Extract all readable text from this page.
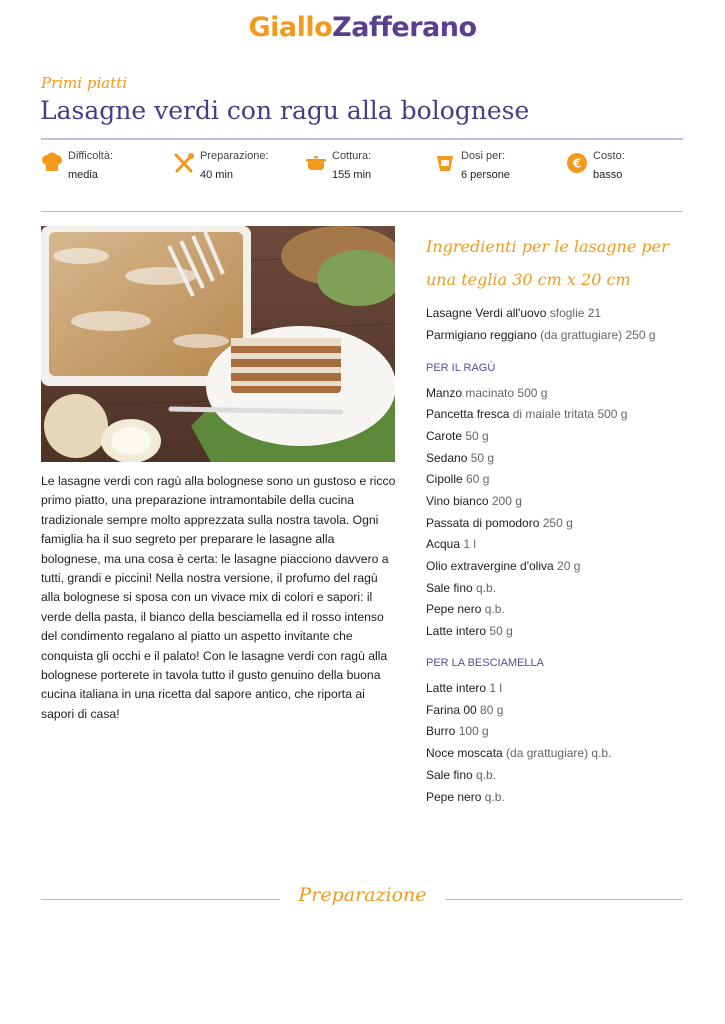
GialloZafferano
Primi piatti
Lasagne verdi con ragu alla bolognese
Difficoltà:
media
Preparazione:
40 min
Cottura:
155 min
Dosi per:
6 persone
€
Costo:
basso

Le lasagne verdi con ragù alla bolognese sono un gustoso e ricco primo piatto, una preparazione intramontabile della cucina tradizionale sempre molto apprezzata sulla nostra tavola. Ogni famiglia ha il suo segreto per preparare le lasagne alla bolognese, ma una cosa è certa: le lasagne piacciono davvero a tutti, grandi e piccini! Nella nostra versione, il profumo del ragù alla bolognese si sposa con un vivace mix di colori e sapori: il verde della pasta, il bianco della besciamella ed il rosso intenso del condimento regalano al piatto un aspetto invitante che conquista gli occhi e il palato! Con le lasagne verdi con ragù alla bolognese porterete in tavola tutto il gusto genuino della buona cucina italiana in una ricetta dal sapore antico, che riporta ai sapori di casa!

Ingredienti per le lasagne per una teglia 30 cm x 20 cm
Lasagne Verdi all'uovo sfoglie 21
Parmigiano reggiano (da grattugiare) 250 g
PER IL RAGÙ
Manzo macinato 500 g
Pancetta fresca di maiale tritata 500 g
Carote 50 g
Sedano 50 g
Cipolle 60 g
Vino bianco 200 g
Passata di pomodoro 250 g
Acqua 1 l
Olio extravergine d'oliva 20 g
Sale fino q.b.
Pepe nero q.b.
Latte intero 50 g
PER LA BESCIAMELLA
Latte intero 1 l
Farina 00 80 g
Burro 100 g
Noce moscata (da grattugiare) q.b.
Sale fino q.b.
Pepe nero q.b.
Preparazione
